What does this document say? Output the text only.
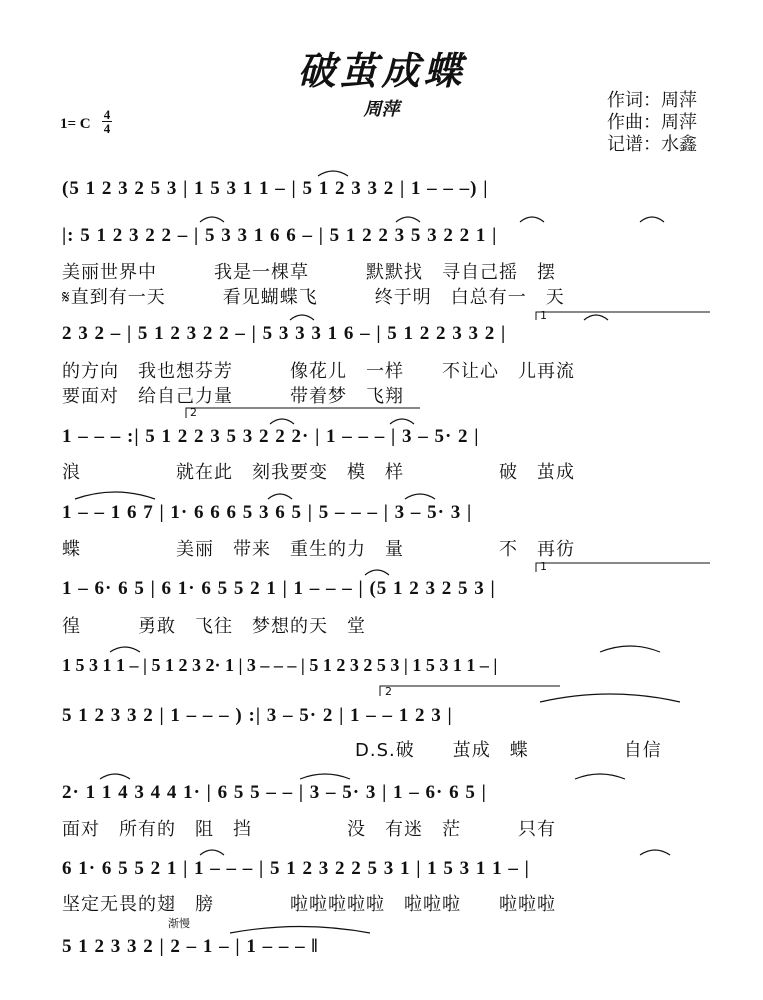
破茧成蝶
周萍	作词：周萍
作曲：周萍
记谱：水鑫
1= C
4
4
(5 1 2 3 2 5 3 | 1 5 3 1 1 – | 5 1 2 3 3 2 | 1 – – –) |
|: 5 1 2 3 2 2 – | 5 3 3 1 6 6 – | 5 1 2 2 3 5 3 2 2 1 |
美丽世界中　　　我是一棵草　　　默默找　寻自己摇　摆
𝄋直到有一天　　　看见蝴蝶飞　　　终于明　白总有一　天
2 3 2 – | 5 1 2 3 2 2 – | 5 3 3 3 1 6 – | 5 1 2 2 3 3 2 |
的方向　我也想芬芳　　　像花儿　一样　　不让心　儿再流
要面对　给自己力量　　　带着梦　飞翔
1 – – – :| 5 1 2 2 3 5 3 2 2 2· | 1 – – – | 3 – 5· 2 |
浪　　　　　就在此　刻我要变　模　样　　　　　破　茧成
1 – – 1 6 7 | 1· 6 6 6 5 3 6 5 | 5 – – – | 3 – 5· 3 |
蝶　　　　　美丽　带来　重生的力　量　　　　　不　再彷
1 – 6· 6 5 | 6 1· 6 5 5 2 1 | 1 – – – | (5 1 2 3 2 5 3 |
徨　　　勇敢　飞往　梦想的天　堂
1 5 3 1 1 – | 5 1 2 3 2· 1 | 3 – – – | 5 1 2 3 2 5 3 | 1 5 3 1 1 – |
5 1 2 3 3 2 | 1 – – – ) :| 3 – 5· 2 | 1 – – 1 2 3 |
D.S.破　　茧成　蝶　　　　　自信
2· 1 1 4 3 4 4 1· | 6 5 5 – – | 3 – 5· 3 | 1 – 6· 6 5 |
面对　所有的　阻　挡　　　　　没　有迷　茫　　　只有
6 1· 6 5 5 2 1 | 1 – – – | 5 1 2 3 2 2 5 3 1 | 1 5 3 1 1 – |
坚定无畏的翅　膀　　　　啦啦啦啦啦　啦啦啦　　啦啦啦
渐慢
5 1 2 3 3 2 | 2 – 1 – | 1 – – – ‖
1
2
1
2
